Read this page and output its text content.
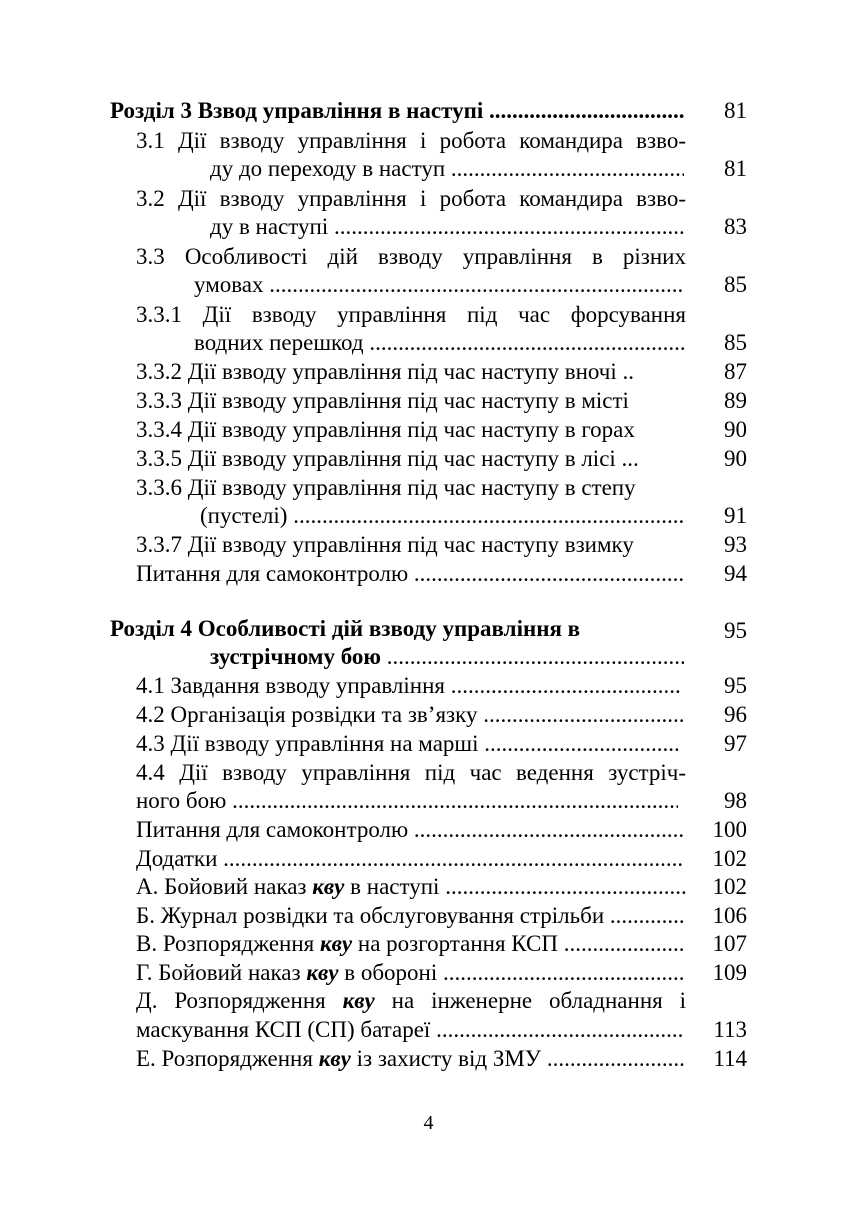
Розділ 3 Взвод управління в наступі .....	81
3.1 Дії взводу управління і робота командира взво-
ду до переходу в наступ .....	81
3.2 Дії взводу управління і робота командира взво-
ду в наступі .....	83
3.3 Особливості дій взводу управління в різних
умовах .....	85
3.3.1 Дії взводу управління під час форсування
водних перешкод .....	85
3.3.2 Дії взводу управління під час наступу вночі ..	87
3.3.3 Дії взводу управління під час наступу в місті	89
3.3.4 Дії взводу управління під час наступу в горах	90
3.3.5 Дії взводу управління під час наступу в лісі ...	90
3.3.6 Дії взводу управління під час наступу в степу
(пустелі) .....	91
3.3.7 Дії взводу управління під час наступу взимку	93
Питання для самоконтролю .....	94
Розділ 4 Особливості дій взводу управління в	95
зустрічному бою .....
4.1 Завдання взводу управління .....	95
4.2 Організація розвідки та зв’язку .....	96
4.3 Дії взводу управління на марші .....	97
4.4 Дії взводу управління під час ведення зустріч-
ного бою .....	98
Питання для самоконтролю .....	100
Додатки .....	102
А. Бойовий наказ кву в наступі .....	102
Б. Журнал розвідки та обслуговування стрільби .....	106
В. Розпорядження кву на розгортання КСП .....	107
Г. Бойовий наказ кву в обороні .....	109
Д. Розпорядження кву на інженерне обладнання і
маскування КСП (СП) батареї .....	113
Е. Розпорядження кву із захисту від ЗМУ .....	114
4
